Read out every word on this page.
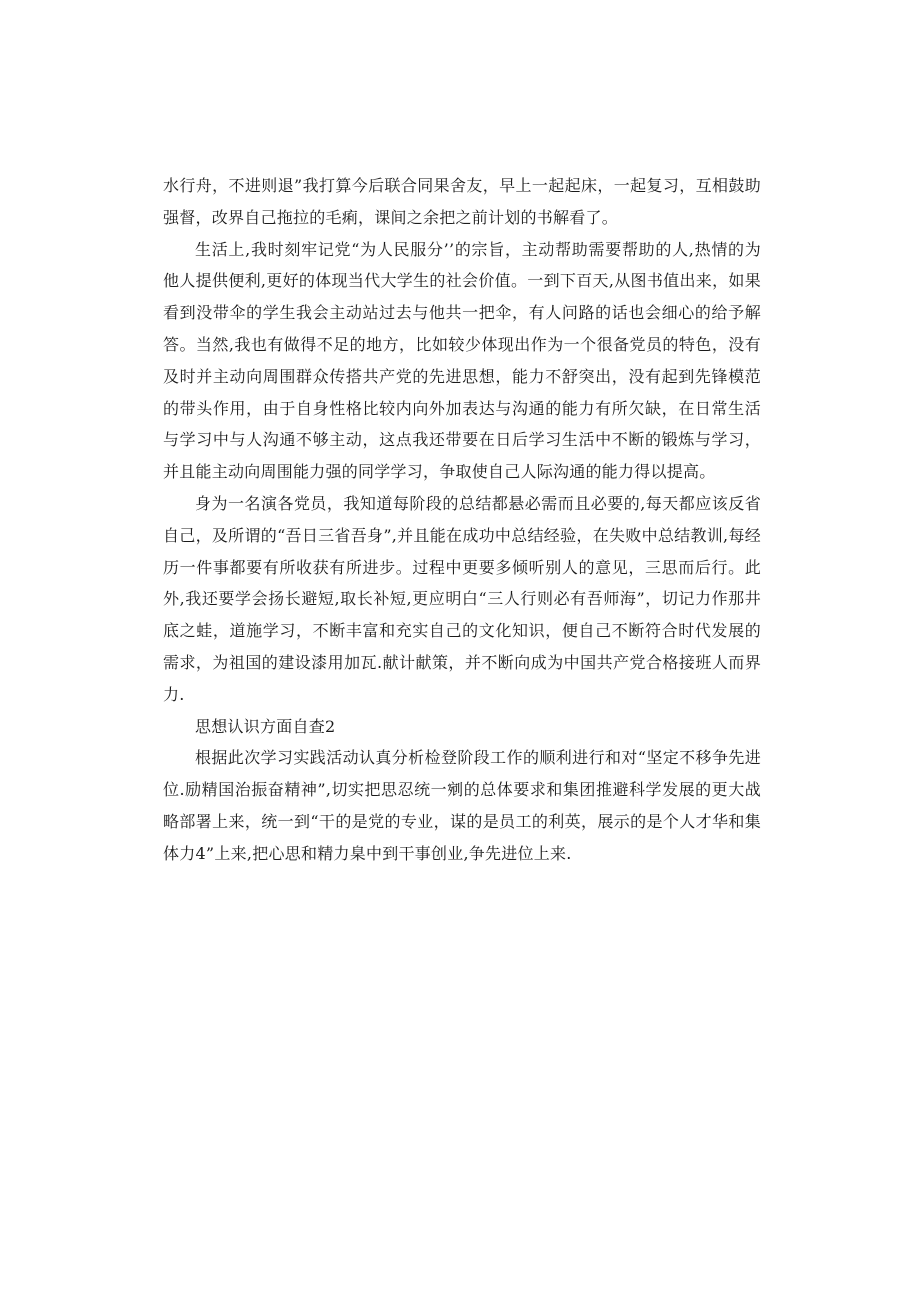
水行舟，不进则退”我打算今后联合同果舍友，早上一起起床，一起复习，互相鼓助强督，改界自己拖拉的毛痢，课间之余把之前计划的书解看了。

生活上,我时刻牢记党“为人民服分’’的宗旨，主动帮助需要帮助的人,热情的为他人提供便利,更好的体现当代大学生的社会价值。一到下百天,从图书值出来，如果看到没带伞的学生我会主动站过去与他共一把伞，有人问路的话也会细心的给予解答。当然,我也有做得不足的地方，比如较少体现出作为一个很备党员的特色，没有及时并主动向周围群众传搭共产党的先进思想，能力不舒突出，没有起到先锋模范的带头作用，由于自身性格比较内向外加表达与沟通的能力有所欠缺，在日常生活与学习中与人沟通不够主动，这点我还带要在日后学习生活中不断的锻炼与学习，并且能主动向周围能力强的同学学习，争取使自己人际沟通的能力得以提高。

身为一名演各党员，我知道每阶段的总结都悬必需而且必要的,每天都应该反省自己，及所谓的“吾日三省吾身”,并且能在成功中总结经验，在失败中总结教训,每经历一件事都要有所收获有所进步。过程中更要多倾听别人的意见，三思而后行。此外,我还要学会扬长避短,取长补短,更应明白“三人行则必有吾师海”，切记力作那井底之蛙，道施学习，不断丰富和充实自己的文化知识，便自己不断符合时代发展的需求，为祖国的建设漆用加瓦.献计献策，并不断向成为中国共产党合格接班人而界力.

思想认识方面自查2

根据此次学习实践活动认真分析检登阶段工作的顺利进行和对“坚定不移争先进位.励精国治振奋精神”,切实把思忍统一剜的总体要求和集团推避科学发展的更大战略部署上来，统一到“干的是党的专业，谋的是员工的利英，展示的是个人才华和集体力4”上来,把心思和精力臬中到干事创业,争先进位上来.
